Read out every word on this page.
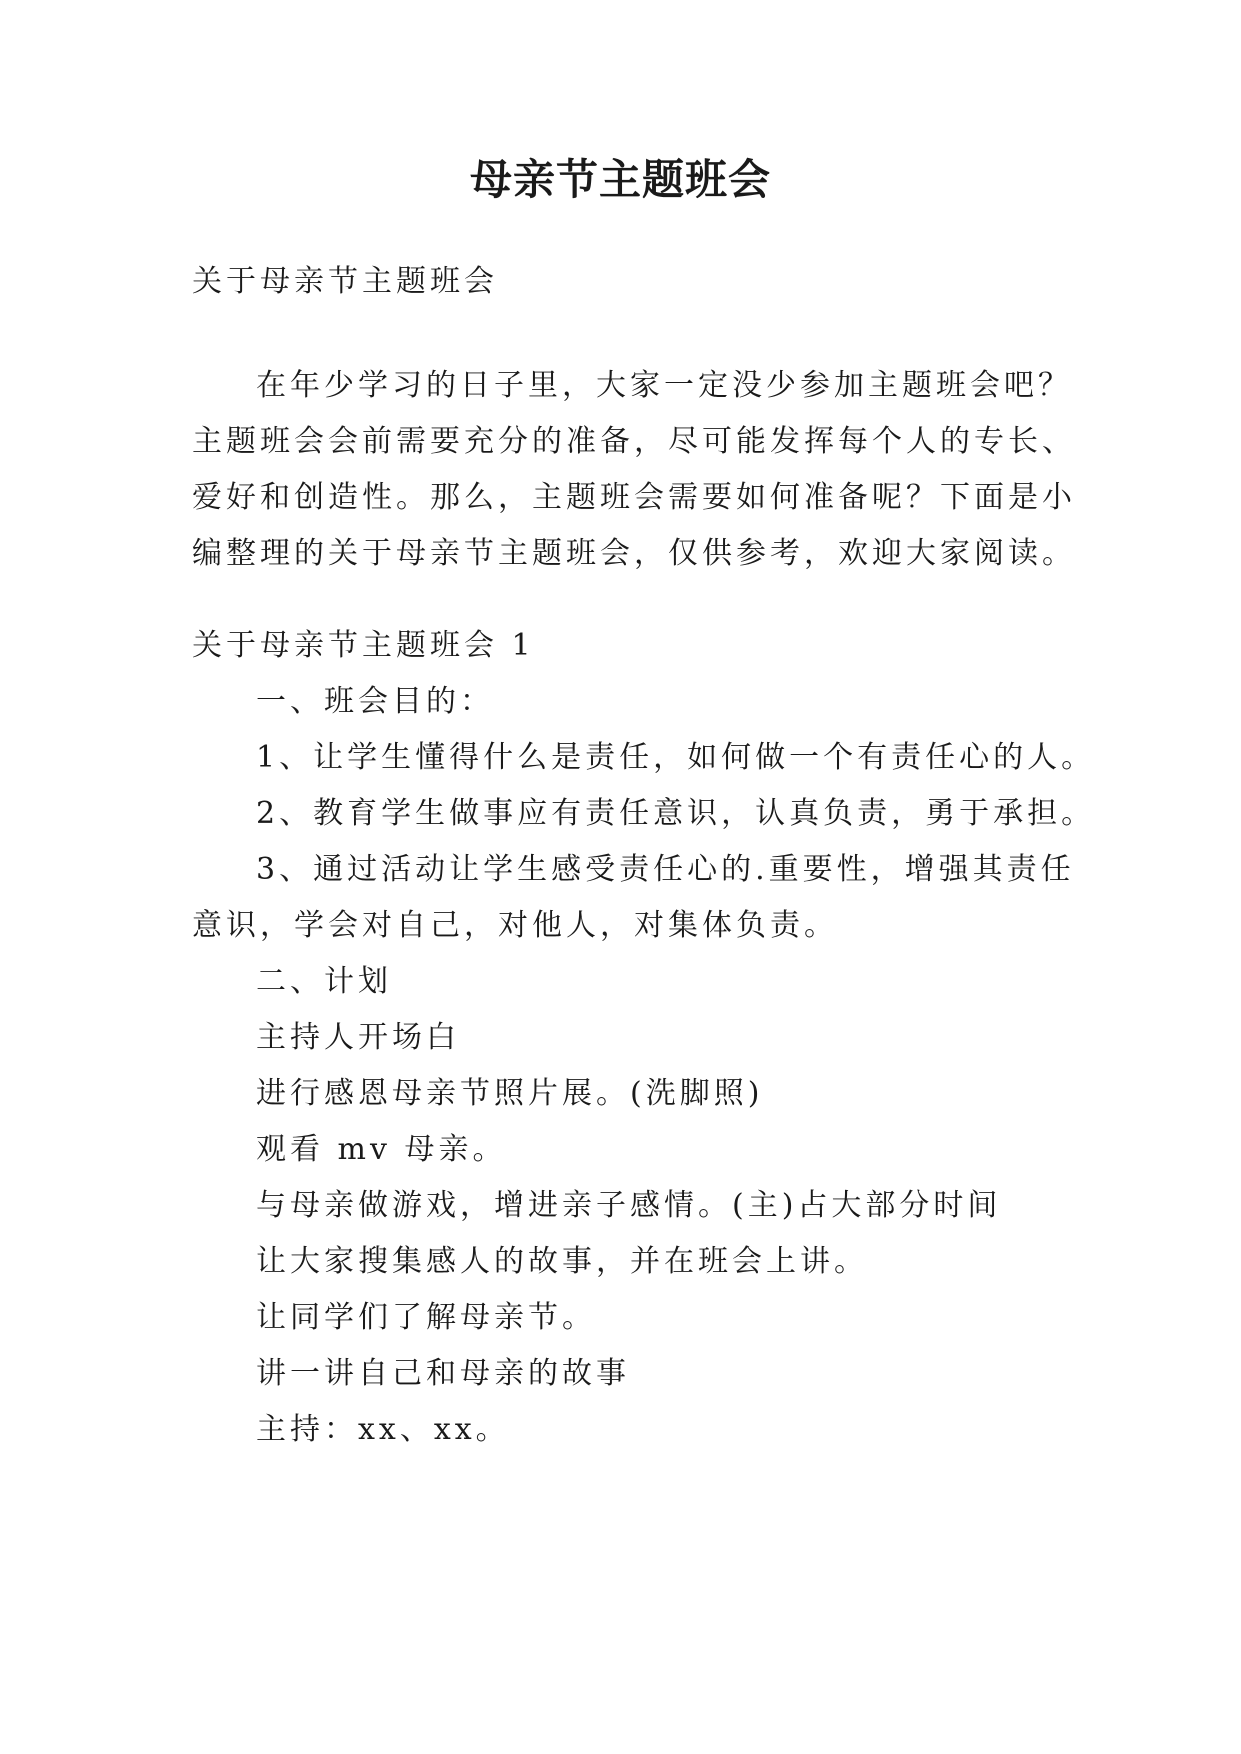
母亲节主题班会
关于母亲节主题班会
在年少学习的日子里，大家一定没少参加主题班会吧？
主题班会会前需要充分的准备，尽可能发挥每个人的专长、
爱好和创造性。那么，主题班会需要如何准备呢？下面是小
编整理的关于母亲节主题班会，仅供参考，欢迎大家阅读。
关于母亲节主题班会 1
一、班会目的：
1、让学生懂得什么是责任，如何做一个有责任心的人。
2、教育学生做事应有责任意识，认真负责，勇于承担。
3、通过活动让学生感受责任心的.重要性，增强其责任
意识，学会对自己，对他人，对集体负责。
二、计划
主持人开场白
进行感恩母亲节照片展。(洗脚照)
观看 mv 母亲。
与母亲做游戏，增进亲子感情。(主)占大部分时间
让大家搜集感人的故事，并在班会上讲。
让同学们了解母亲节。
讲一讲自己和母亲的故事
主持：xx、xx。
